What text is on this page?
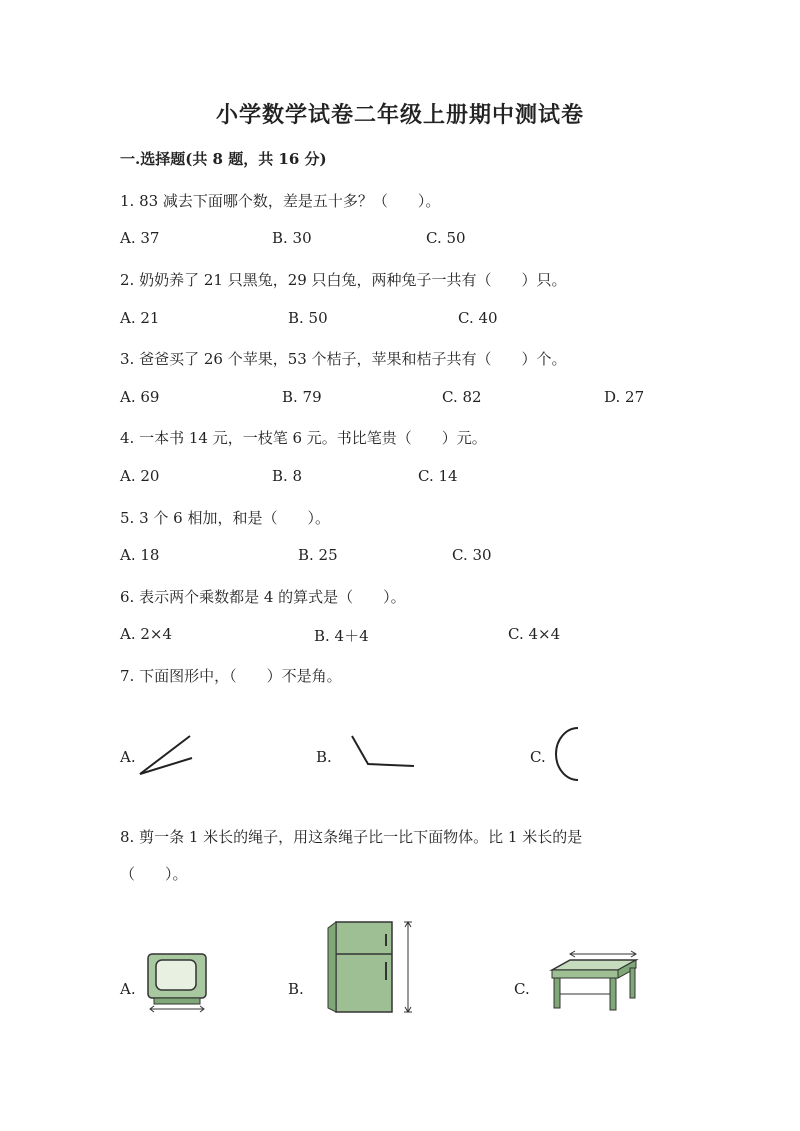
小学数学试卷二年级上册期中测试卷
一.选择题(共 8 题，共 16 分)
1. 83 减去下面哪个数，差是五十多？（　　）。
A. 37	B. 30	C. 50
2. 奶奶养了 21 只黑兔，29 只白兔，两种兔子一共有（　　）只。
A. 21	B. 50	C. 40
3. 爸爸买了 26 个苹果，53 个桔子，苹果和桔子共有（　　）个。
A. 69	B. 79	C. 82	D. 27
4. 一本书 14 元，一枝笔 6 元。书比笔贵（　　）元。
A. 20	B. 8	C. 14
5. 3 个 6 相加，和是（　　）。
A. 18	B. 25	C. 30
6. 表示两个乘数都是 4 的算式是（　　）。
A. 2×4	B. 4＋4	C. 4×4
7. 下面图形中，（　　）不是角。
A.	B.	C.
8. 剪一条 1 米长的绳子，用这条绳子比一比下面物体。比 1 米长的是
（　　）。
A.	B.	C.
